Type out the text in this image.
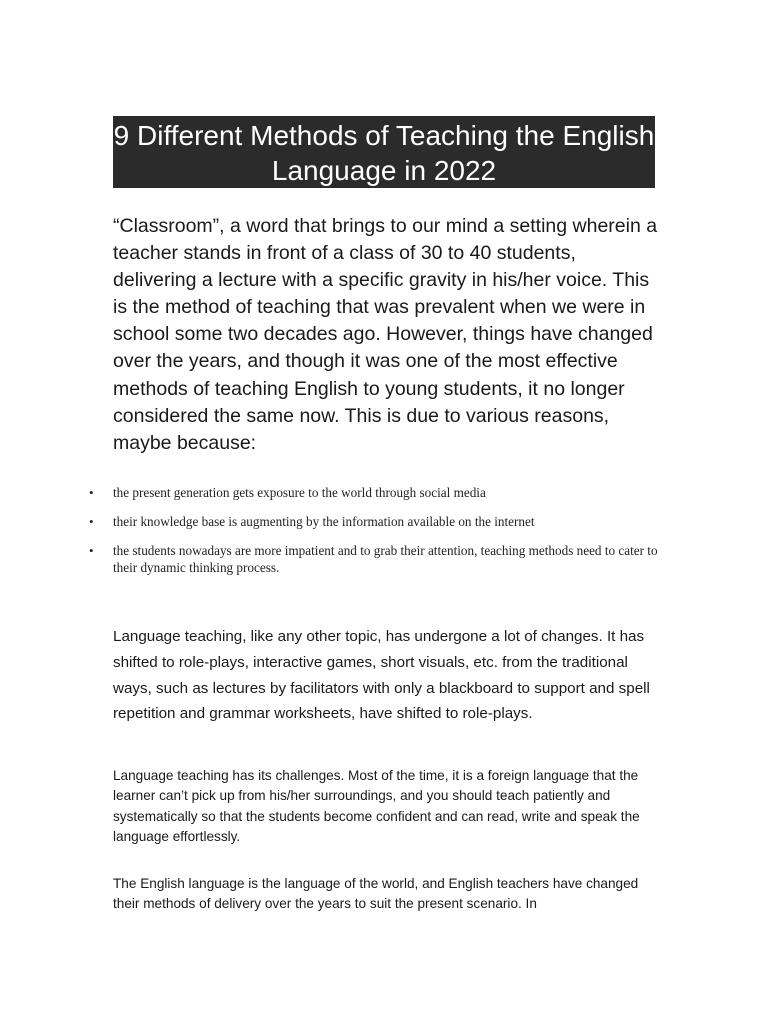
9 Different Methods of Teaching the English Language in 2022

“Classroom”, a word that brings to our mind a setting wherein a teacher stands in front of a class of 30 to 40 students, delivering a lecture with a specific gravity in his/her voice. This is the method of teaching that was prevalent when we were in school some two decades ago. However, things have changed over the years, and though it was one of the most effective methods of teaching English to young students, it no longer considered the same now. This is due to various reasons, maybe because:

• the present generation gets exposure to the world through social media
• their knowledge base is augmenting by the information available on the internet
• the students nowadays are more impatient and to grab their attention, teaching methods need to cater to their dynamic thinking process.

Language teaching, like any other topic, has undergone a lot of changes. It has shifted to role-plays, interactive games, short visuals, etc. from the traditional ways, such as lectures by facilitators with only a blackboard to support and spell repetition and grammar worksheets, have shifted to role-plays.

Language teaching has its challenges. Most of the time, it is a foreign language that the learner can’t pick up from his/her surroundings, and you should teach patiently and systematically so that the students become confident and can read, write and speak the language effortlessly.

The English language is the language of the world, and English teachers have changed their methods of delivery over the years to suit the present scenario. In
